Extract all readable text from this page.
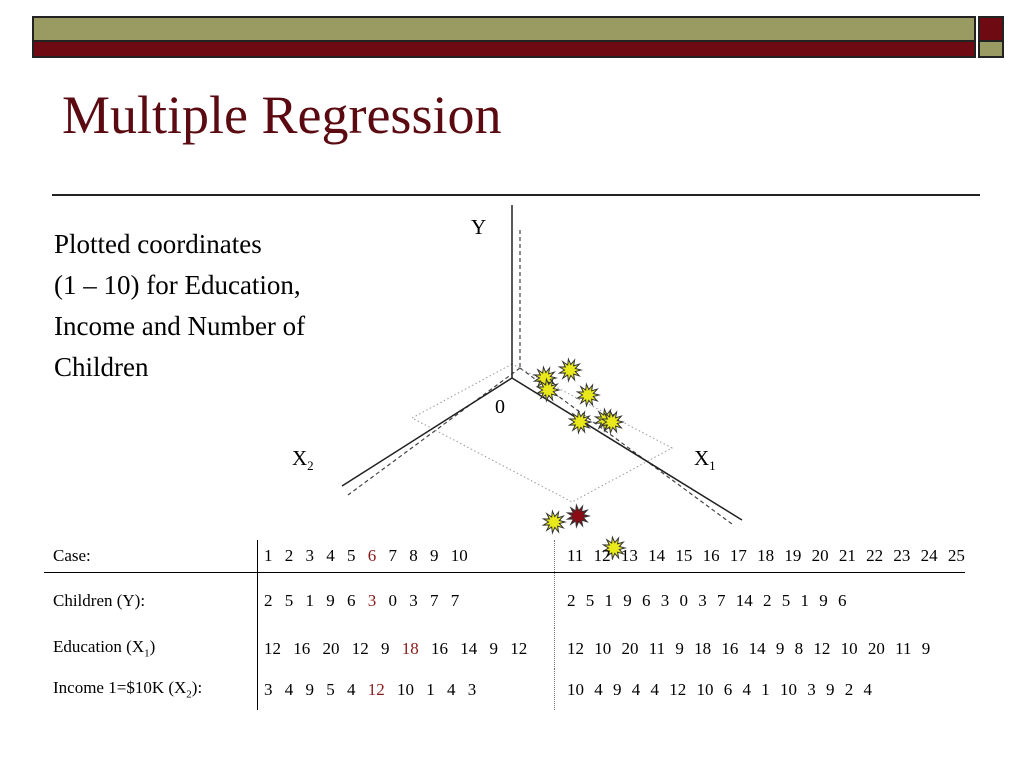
Multiple Regression
Plotted coordinates
(1 – 10) for Education,
Income and Number of
Children
Y
0
$X_2$	$X_1$
Case:	1 2 3 4 5 6 7 8 9 10	11 12 13 14 15 16 17 18 19 20 21 22 23 24 25
Children (Y):	2 5 1 9 6 3 0 3 7 7	2 5 1 9 6 3 0 3 7 14 2 5 1 9 6
Education $(X_1)$	12 16 20 12 9 18 16 14 9 12	12 10 20 11 9 18 16 14 9 8 12 10 20 11 9
Income 1=$10K $(X_2)$:	3 4 9 5 4 12 10 1 4 3	10 4 9 4 4 12 10 6 4 1 10 3 9 2 4
